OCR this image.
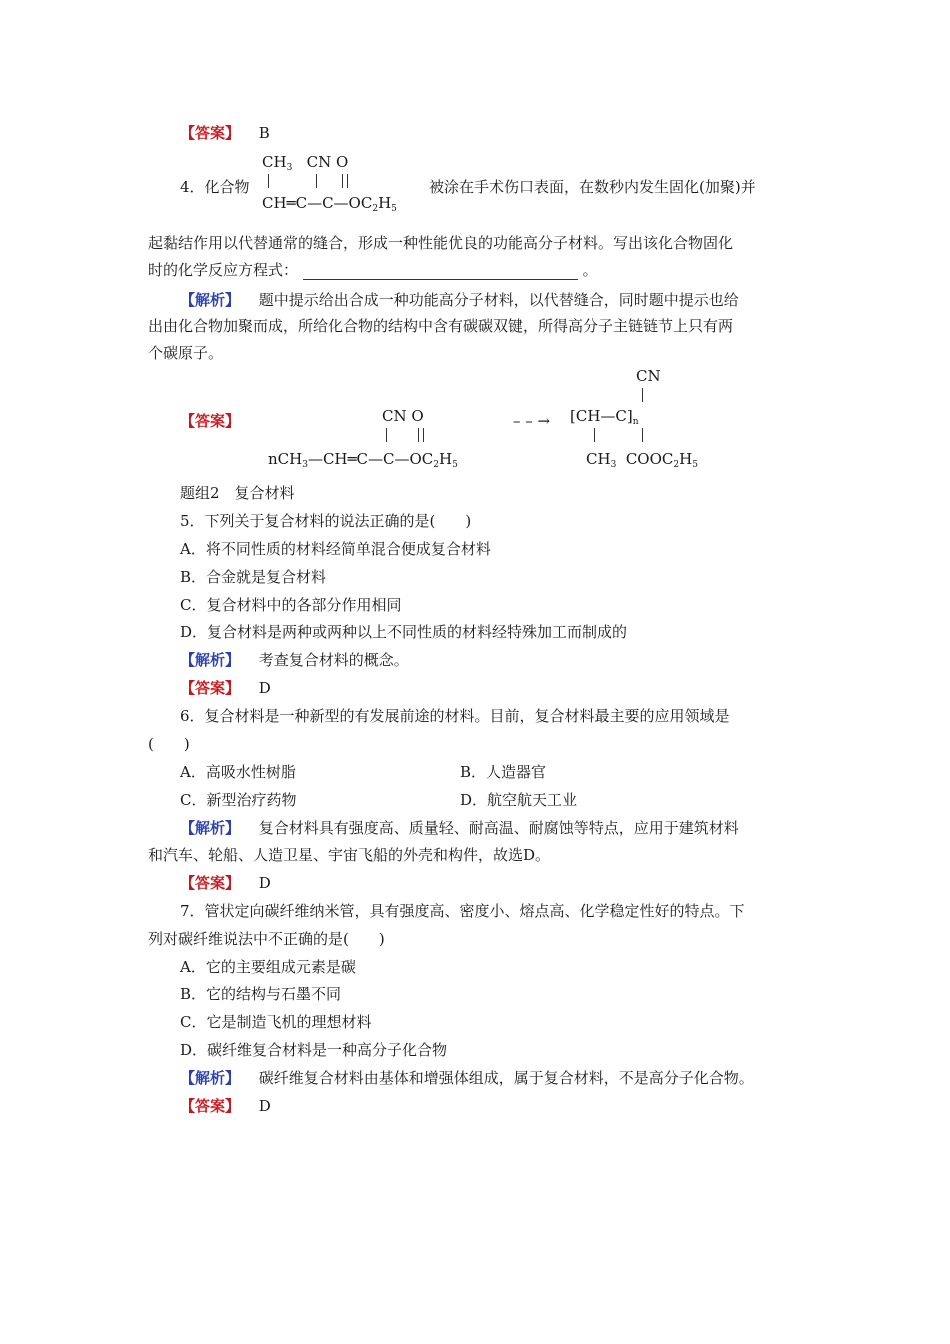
【答案】 B
4．化合物
$CH_3$   CN O
$CH═C—C—OC_2H_5$
被涂在手术伤口表面，在数秒内发生固化(加聚)并
起黏结作用以代替通常的缝合，形成一种性能优良的功能高分子材料。写出该化合物固化
时的化学反应方程式：	。
【解析】 题中提示给出合成一种功能高分子材料，以代替缝合，同时题中提示也给
出由化合物加聚而成，所给化合物的结构中含有碳碳双键，所得高分子主链链节上只有两
个碳原子。
【答案】	CN O
$nCH_3—CH═C—C—OC_2H_5$
– – →
CN
$[CH—C]_n$
$CH_3$  $COOC_2H_5$
题组2　复合材料
5．下列关于复合材料的说法正确的是(　　)
A．将不同性质的材料经简单混合便成复合材料
B．合金就是复合材料
C．复合材料中的各部分作用相同
D．复合材料是两种或两种以上不同性质的材料经特殊加工而制成的
【解析】 考查复合材料的概念。
【答案】 D
6．复合材料是一种新型的有发展前途的材料。目前，复合材料最主要的应用领域是
(　　)
A．高吸水性树脂	B．人造器官
C．新型治疗药物	D．航空航天工业
【解析】 复合材料具有强度高、质量轻、耐高温、耐腐蚀等特点，应用于建筑材料
和汽车、轮船、人造卫星、宇宙飞船的外壳和构件，故选D。
【答案】 D
7．管状定向碳纤维纳米管，具有强度高、密度小、熔点高、化学稳定性好的特点。下
列对碳纤维说法中不正确的是(　　)
A．它的主要组成元素是碳
B．它的结构与石墨不同
C．它是制造飞机的理想材料
D．碳纤维复合材料是一种高分子化合物
【解析】 碳纤维复合材料由基体和增强体组成，属于复合材料，不是高分子化合物。
【答案】 D
